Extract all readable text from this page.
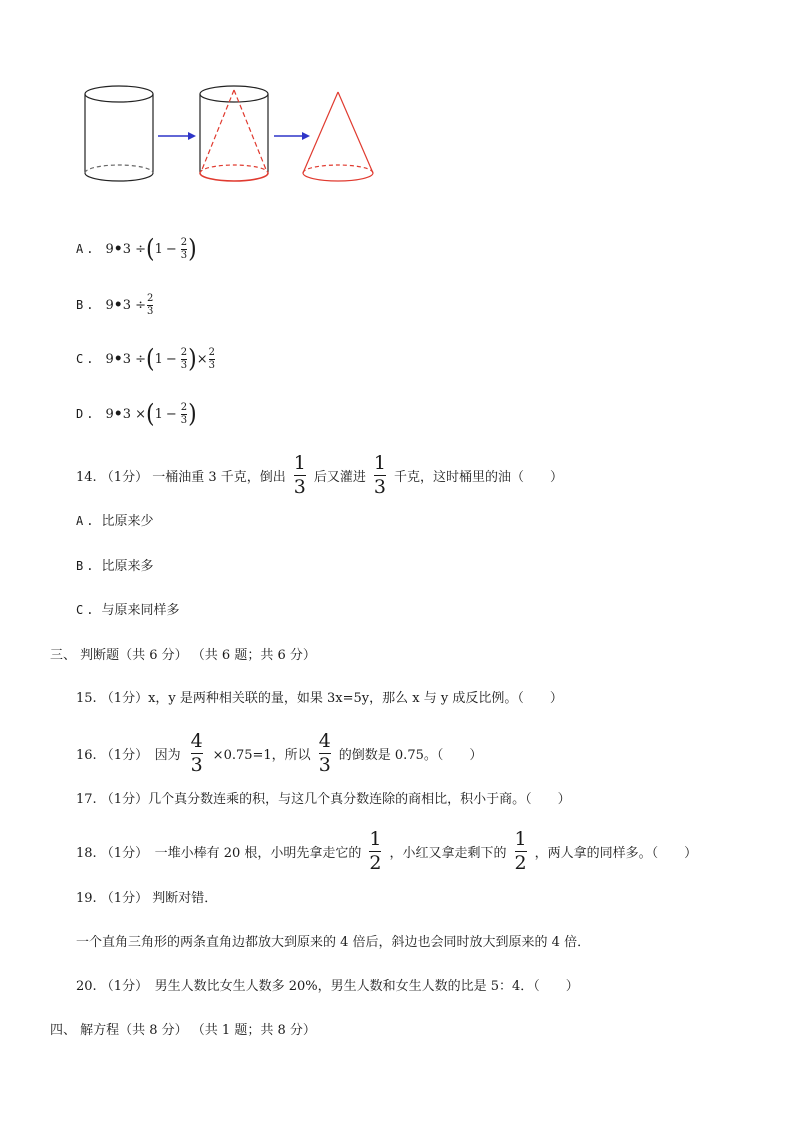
A . 9 • 3 ÷ ( $1 - \frac{2}{3}$ )
B . 9 • $3 \div \frac{2}{3}$
C . 9 • 3 ÷ ( $1 - \frac{2}{3}$ ) × $\frac{2}{3}$
D . 9 • 3 × ( $1 - \frac{2}{3}$ )
14. （1分） 一桶油重 3 千克，倒出
1
3 后又灌进
1
3 千克，这时桶里的油（　　）
A . 比原来少
B . 比原来多
C . 与原来同样多
三、 判断题（共 6 分） （共 6 题；共 6 分）
15. （1分）x，y 是两种相关联的量，如果 3x=5y，那么 x 与 y 成反比例。（　　）
16. （1分）　因为
4
3 ×0.75=1，所以
4
3 的倒数是 0.75。（　　）
17. （1分）几个真分数连乘的积，与这几个真分数连除的商相比，积小于商。（　　）
18. （1分）　一堆小棒有 20 根，小明先拿走它的
1
2 ，小红又拿走剩下的
1
2 ，两人拿的同样多。（　　）
19. （1分） 判断对错．
一个直角三角形的两条直角边都放大到原来的 4 倍后，斜边也会同时放大到原来的 4 倍．
20. （1分）　男生人数比女生人数多 20%，男生人数和女生人数的比是 5：4．（　　）
四、 解方程（共 8 分） （共 1 题；共 8 分）
